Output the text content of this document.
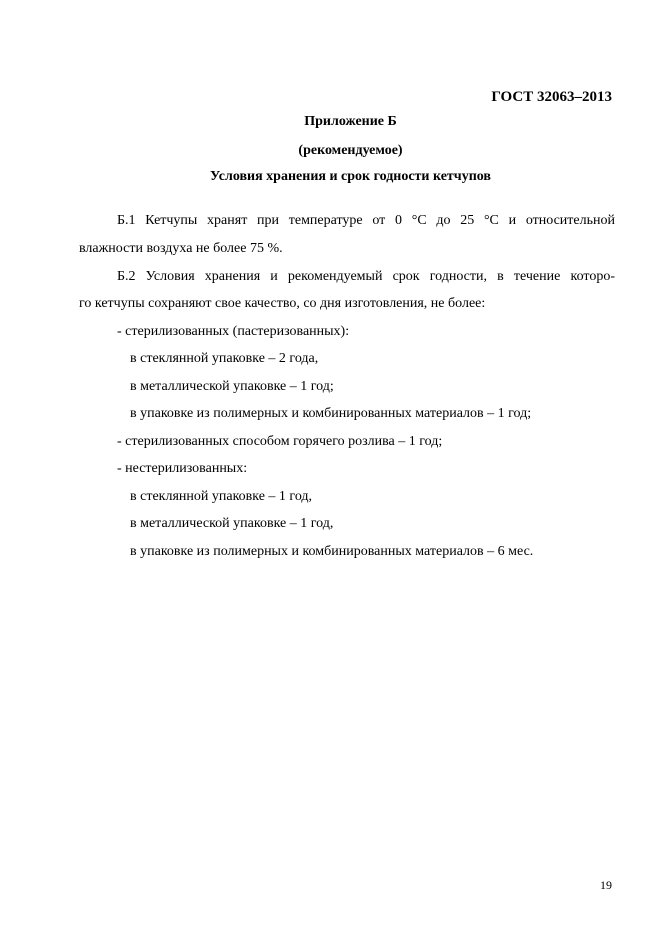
ГОСТ 32063–2013
Приложение Б
(рекомендуемое)
Условия хранения и срок годности кетчупов
Б.1 Кетчупы хранят при температуре от 0 °С до 25 °С и относительной
влажности воздуха не более 75 %.
Б.2 Условия хранения и рекомендуемый срок годности, в течение которо-
го кетчупы сохраняют свое качество, со дня изготовления, не более:
- стерилизованных (пастеризованных):
в стеклянной упаковке – 2 года,
в металлической упаковке – 1 год;
в упаковке из полимерных и комбинированных материалов – 1 год;
- стерилизованных способом горячего розлива – 1 год;
- нестерилизованных:
в стеклянной упаковке – 1 год,
в металлической упаковке – 1 год,
в упаковке из полимерных и комбинированных материалов – 6 мес.
19
